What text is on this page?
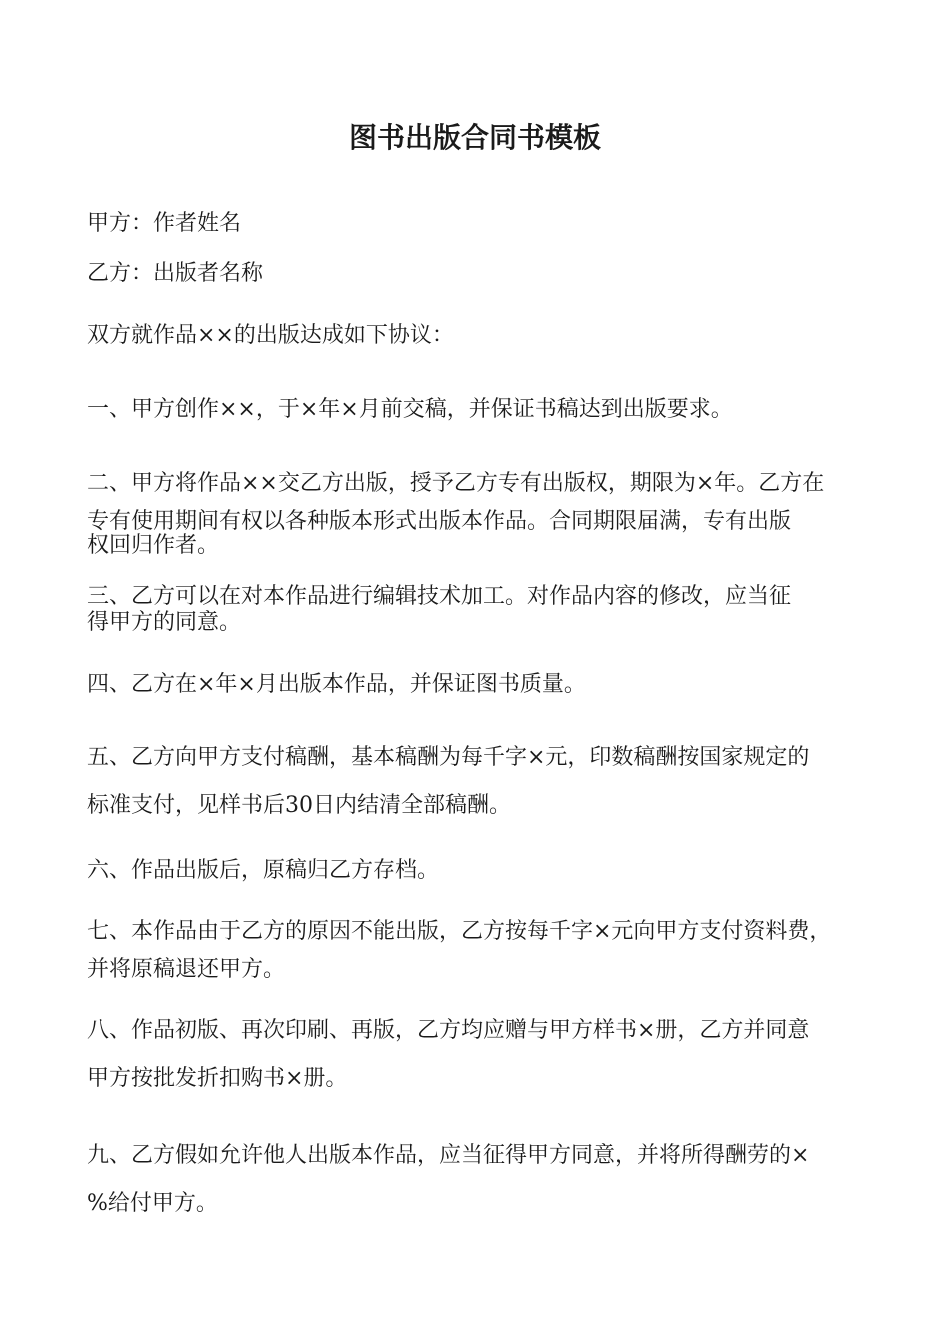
图书出版合同书模板
甲方：作者姓名
乙方：出版者名称
双方就作品××的出版达成如下协议：
一、甲方创作××，于×年×月前交稿，并保证书稿达到出版要求。
二、甲方将作品××交乙方出版，授予乙方专有出版权，期限为×年。乙方在
专有使用期间有权以各种版本形式出版本作品。合同期限届满，专有出版
权回归作者。
三、乙方可以在对本作品进行编辑技术加工。对作品内容的修改，应当征
得甲方的同意。
四、乙方在×年×月出版本作品，并保证图书质量。
五、乙方向甲方支付稿酬，基本稿酬为每千字×元，印数稿酬按国家规定的
标准支付，见样书后30日内结清全部稿酬。
六、作品出版后，原稿归乙方存档。
七、本作品由于乙方的原因不能出版，乙方按每千字×元向甲方支付资料费，
并将原稿退还甲方。
八、作品初版、再次印刷、再版，乙方均应赠与甲方样书×册，乙方并同意
甲方按批发折扣购书×册。
九、乙方假如允许他人出版本作品，应当征得甲方同意，并将所得酬劳的×
%给付甲方。
